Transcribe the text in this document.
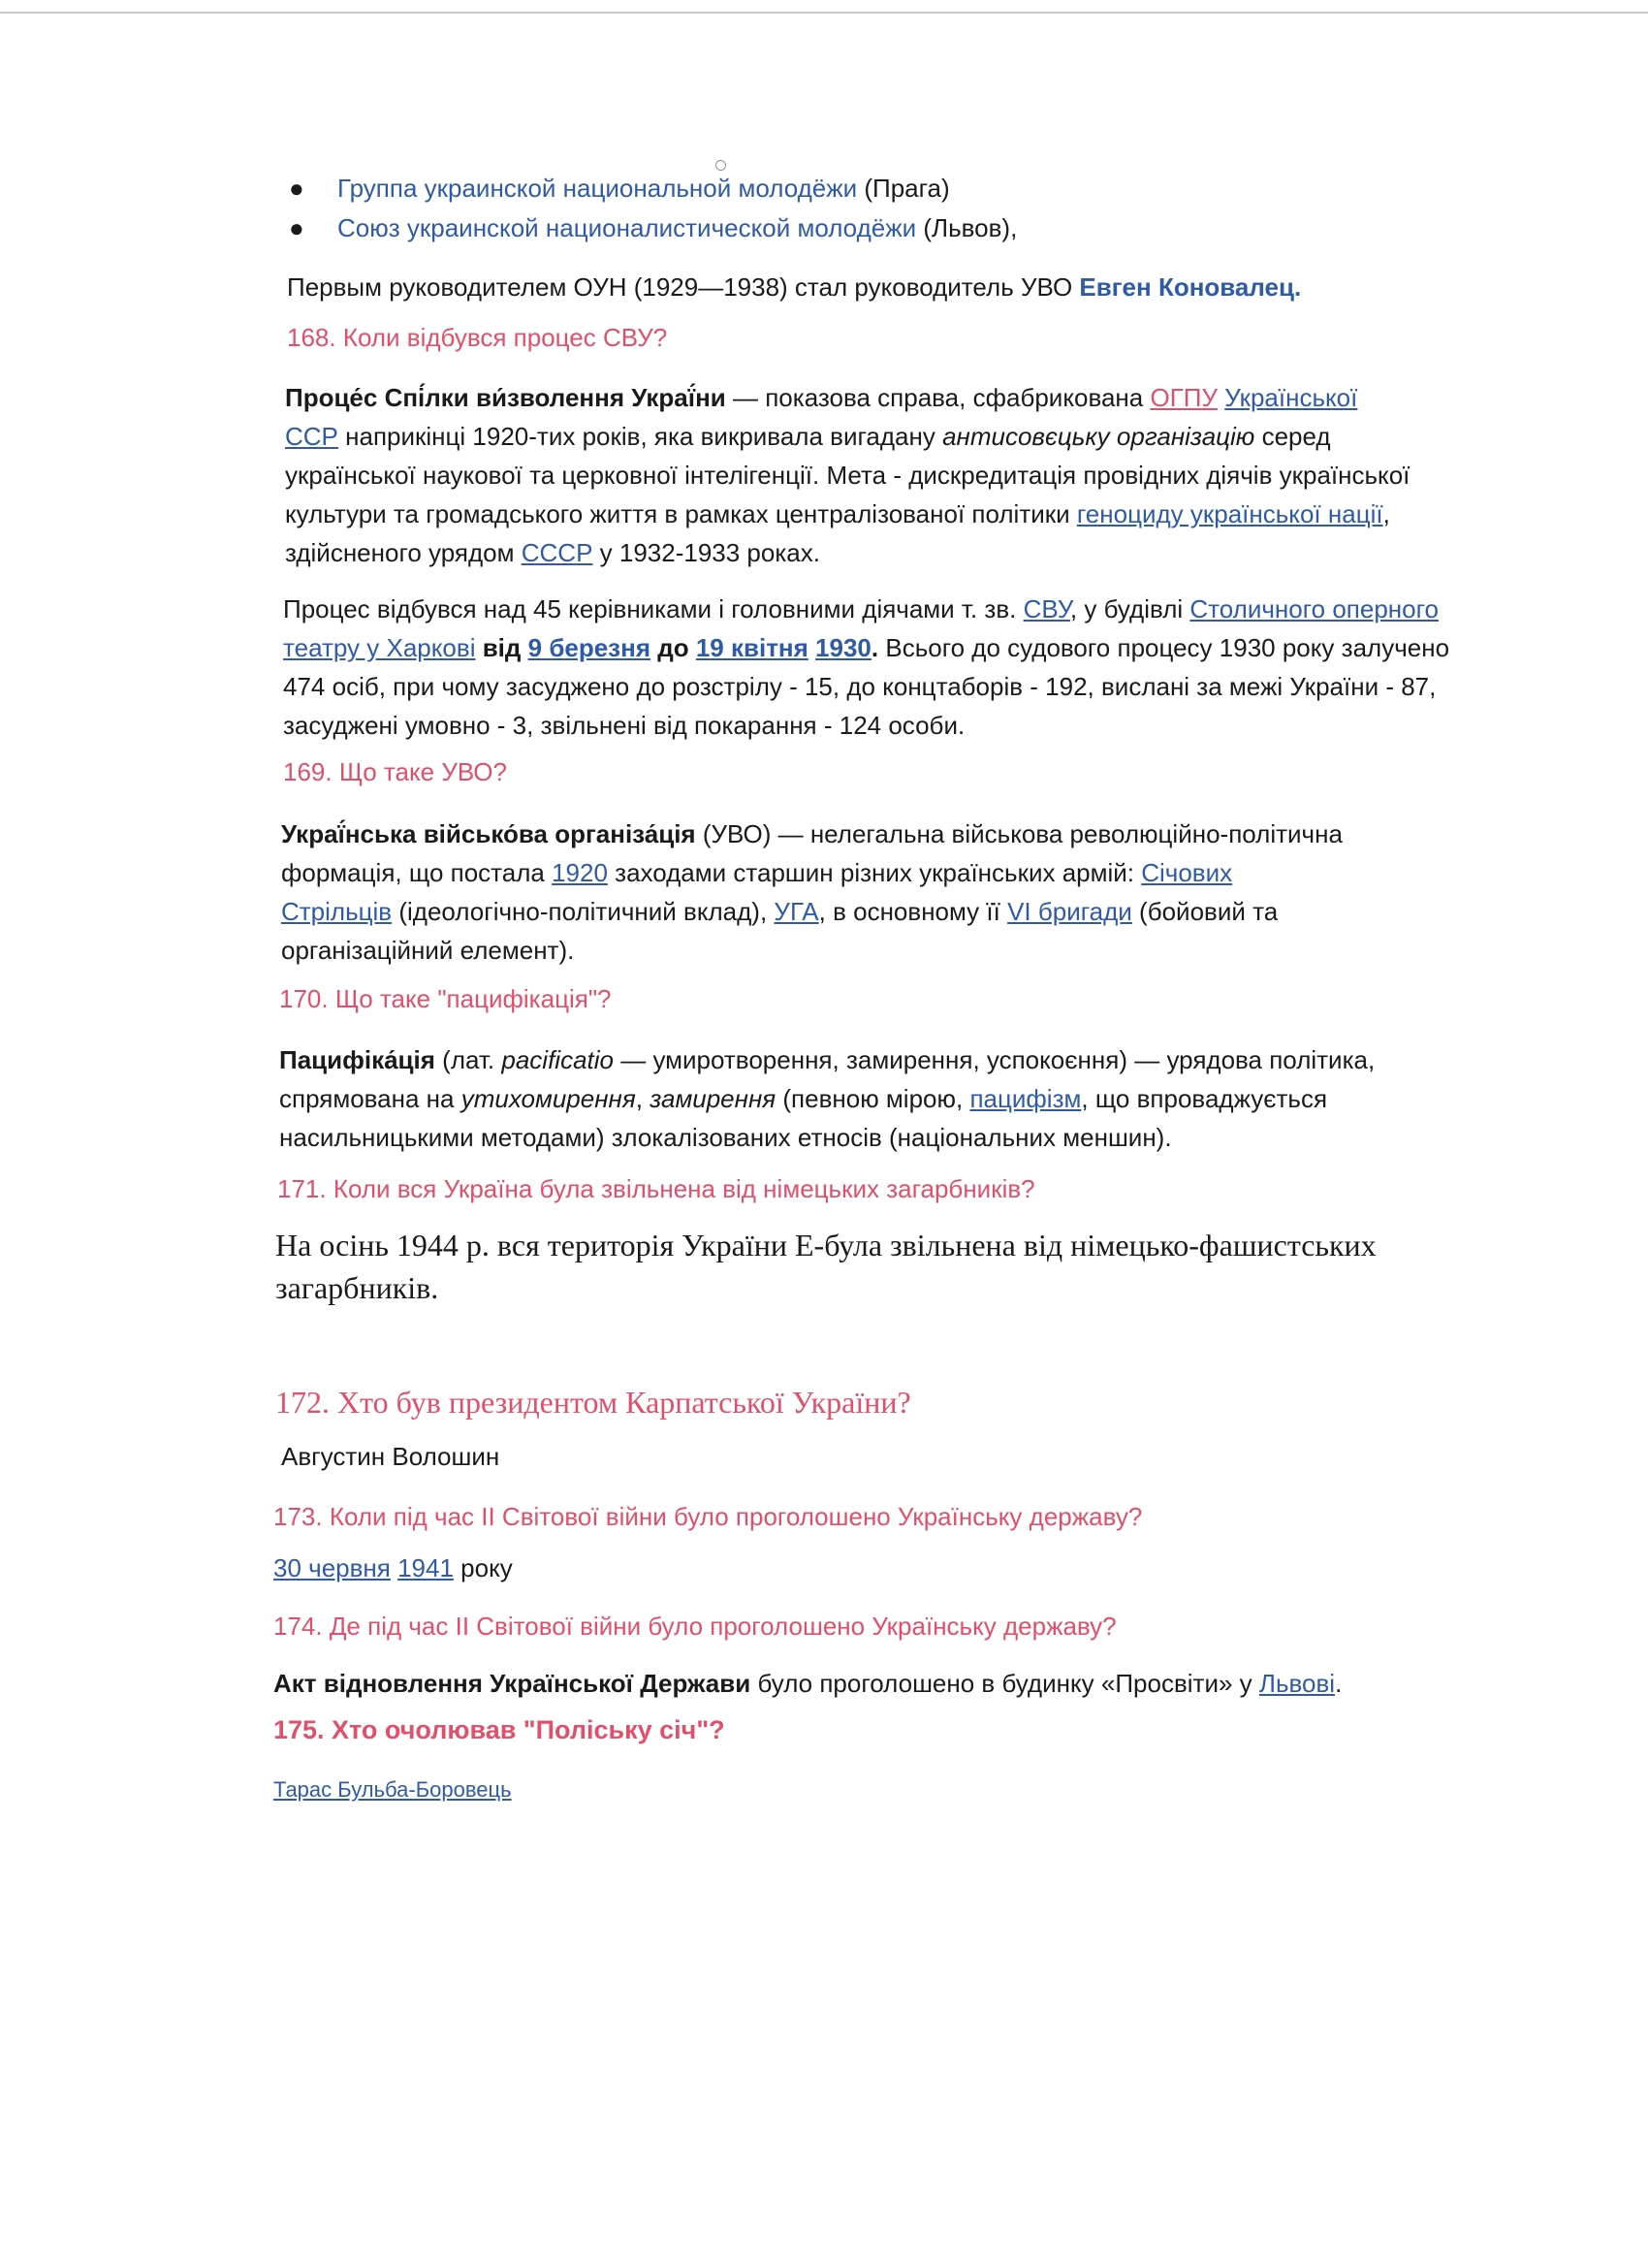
● Группа украинской национальной молодёжи (Прага)
● Союз украинской националистической молодёжи (Львов),
Первым руководителем ОУН (1929—1938) стал руководитель УВО Евген Коновалец.
168. Коли відбувся процес СВУ?
Проце́с Спі́лки ви́зволення Украї́ни — показова справа, сфабрикована ОГПУ Української
ССР наприкінці 1920-тих років, яка викривала вигадану антисовєцьку організацію серед
української наукової та церковної інтелігенції. Мета - дискредитація провідних діячів української
культури та громадського життя в рамках централізованої політики геноциду української нації,
здійсненого урядом СССР у 1932-1933 роках.
Процес відбувся над 45 керівниками і головними діячами т. зв. СВУ, у будівлі Столичного оперного
театру у Харкові від 9 березня до 19 квітня 1930. Всього до судового процесу 1930 року залучено
474 осіб, при чому засуджено до розстрілу - 15, до концтаборів - 192, вислані за межі України - 87,
засуджені умовно - 3, звільнені від покарання - 124 особи.
169. Що таке УВО?
Украї́нська військо́ва організа́ція (УВО) — нелегальна військова революційно-політична
формація, що постала 1920 заходами старшин різних українських армій: Січових
Стрільців (ідеологічно-політичний вклад), УГА, в основному її VI бригади (бойовий та
організаційний елемент).
170. Що таке "пацифікація"?
Пацифіка́ція (лат. pacificatio — умиротворення, замирення, успокоєння) — урядова політика,
спрямована на утихомирення, замирення (певною мірою, пацифізм, що впроваджується
насильницькими методами) злокалізованих етносів (національних меншин).
171. Коли вся Україна була звільнена від німецьких загарбників?
На осінь 1944 р. вся територія України Е-була звільнена від німецько-фашистських
загарбників.
172. Хто був президентом Карпатської України?
Августин Волошин
173. Коли під час II Світової війни було проголошено Українську державу?
30 червня 1941 року
174. Де під час II Світової війни було проголошено Українську державу?
Акт відновлення Української Держави було проголошено в будинку «Просвіти» у Львові.
175. Хто очолював "Поліську січ"?
Тарас Бульба-Боровець
